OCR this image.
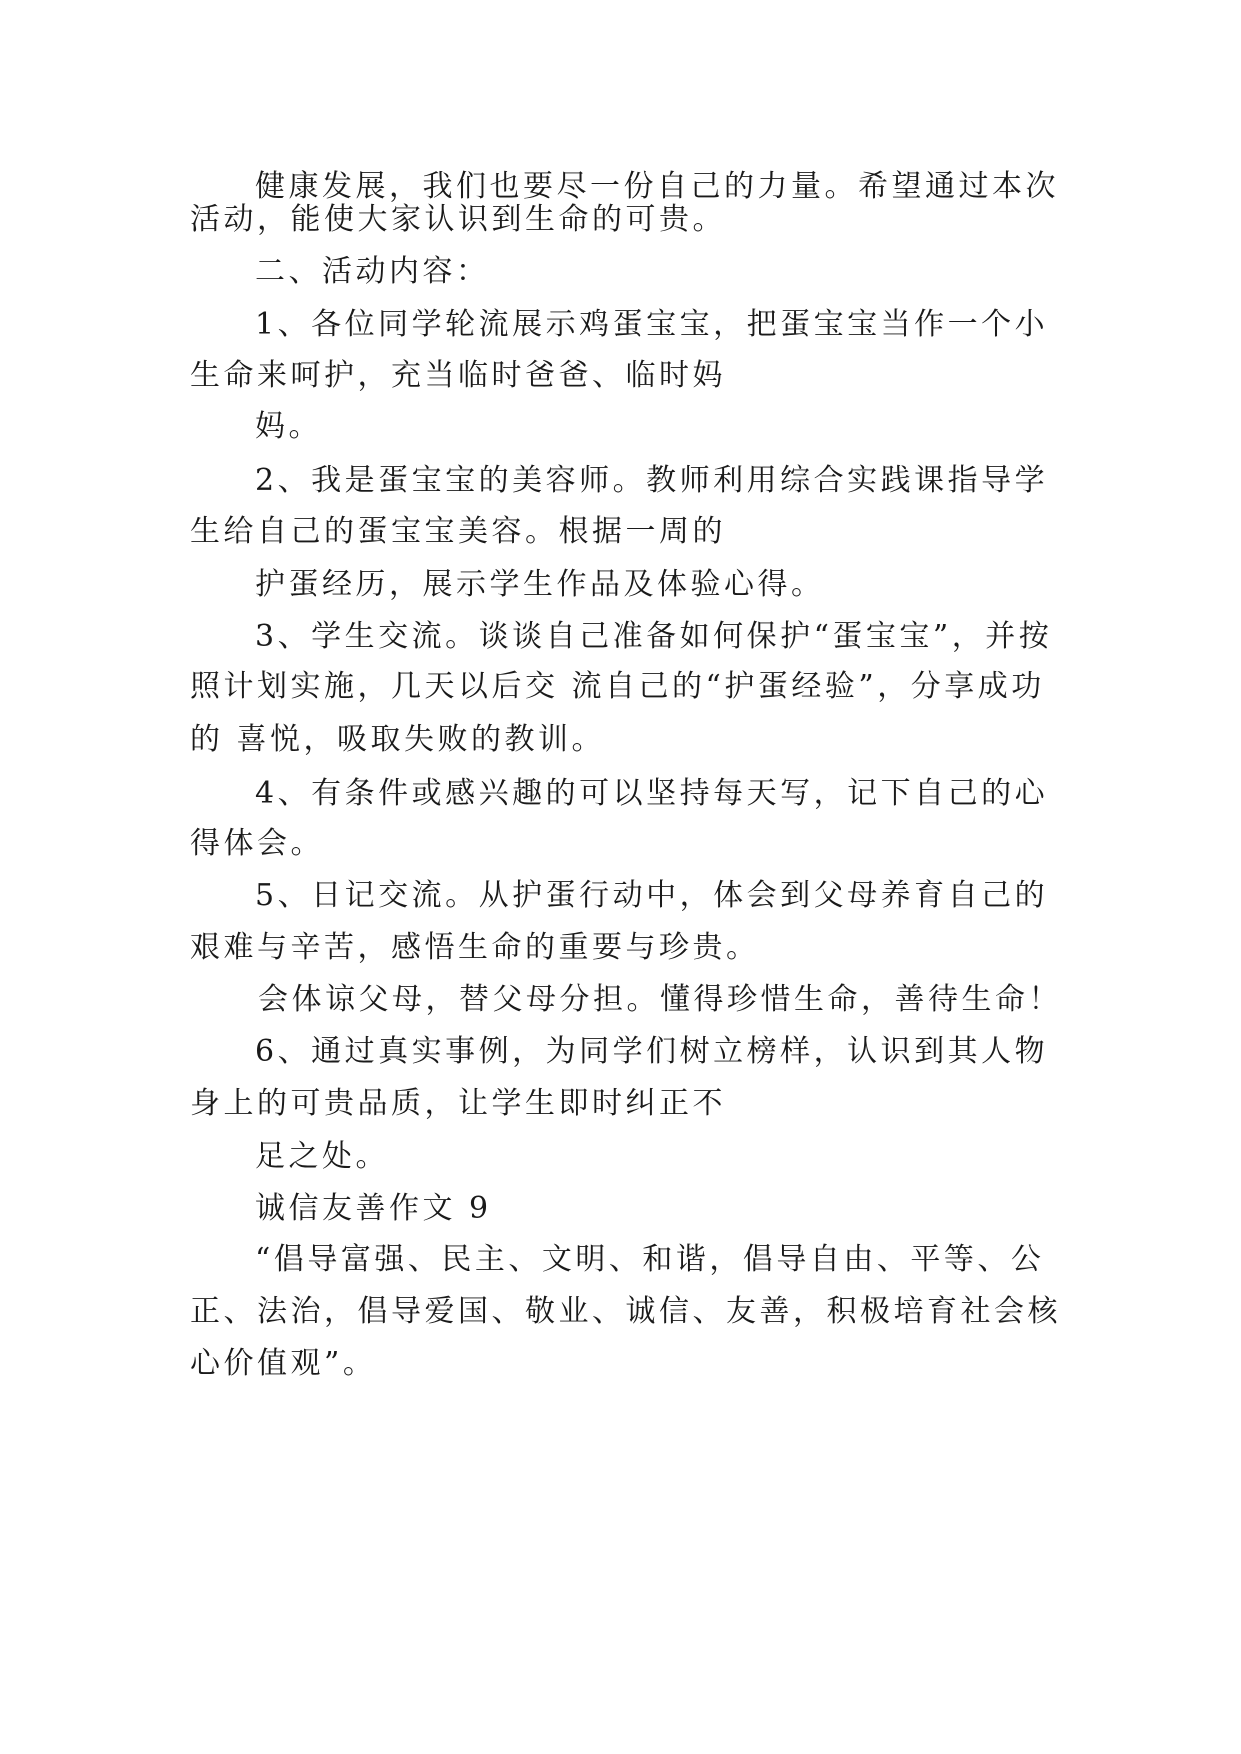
健康发展，我们也要尽一份自己的力量。希望通过本次
活动，能使大家认识到生命的可贵。
二、活动内容：
1、各位同学轮流展示鸡蛋宝宝，把蛋宝宝当作一个小
生命来呵护，充当临时爸爸、临时妈
妈。
2、我是蛋宝宝的美容师。教师利用综合实践课指导学
生给自己的蛋宝宝美容。根据一周的
护蛋经历，展示学生作品及体验心得。
3、学生交流。谈谈自己准备如何保护“蛋宝宝”，并按
照计划实施，几天以后交 流自己的“护蛋经验”，分享成功
的 喜悦，吸取失败的教训。
4、有条件或感兴趣的可以坚持每天写，记下自己的心
得体会。
5、日记交流。从护蛋行动中，体会到父母养育自己的
艰难与辛苦，感悟生命的重要与珍贵。
会体谅父母，替父母分担。懂得珍惜生命，善待生命！
6、通过真实事例，为同学们树立榜样，认识到其人物
身上的可贵品质，让学生即时纠正不
足之处。
诚信友善作文 9
“倡导富强、民主、文明、和谐，倡导自由、平等、公
正、法治，倡导爱国、敬业、诚信、友善，积极培育社会核
心价值观”。
